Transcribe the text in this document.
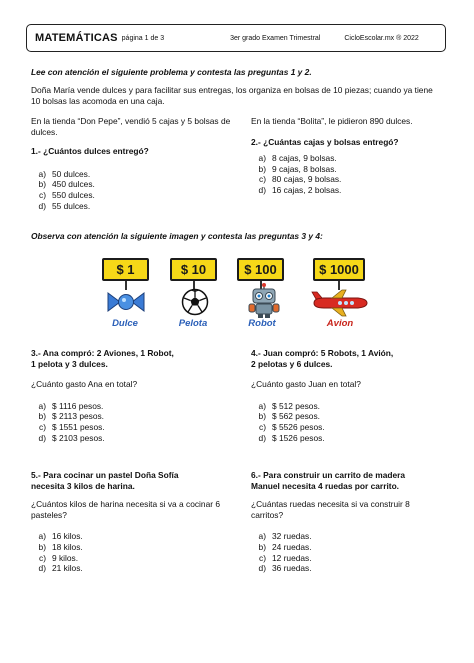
MATEMÁTICAS página 1 de 3	3er grado Examen Trimestral	CicloEscolar.mx ® 2022
Lee con atención el siguiente problema y contesta las preguntas 1 y 2.
Doña María vende dulces y para facilitar sus entregas, los organiza en bolsas de 10 piezas; cuando ya tiene 10 bolsas las acomoda en una caja.
En la tienda “Don Pepe”, vendió 5 cajas y 5 bolsas de dulces.
1.- ¿Cuántos dulces entregó?
a) 50 dulces.
b) 450 dulces.
c) 550 dulces.
d) 55 dulces.
En la tienda “Bolita”, le pidieron 890 dulces.
2.- ¿Cuántas cajas y bolsas entregó?
a) 8 cajas, 9 bolsas.
b) 9 cajas, 8 bolsas.
c) 80 cajas, 9 bolsas.
d) 16 cajas, 2 bolsas.
Observa con atención la siguiente imagen y contesta las preguntas 3 y 4:
$ 1	$ 10	$ 100	$ 1000
Dulce	Pelota	Robot	Avion
3.- Ana compró: 2 Aviones, 1 Robot,
1 pelota y 3 dulces.
¿Cuánto gasto Ana en total?
a) $ 1116 pesos.
b) $ 2113 pesos.
c) $ 1551 pesos.
d) $ 2103 pesos.
4.- Juan compró: 5 Robots, 1 Avión,
2 pelotas y 6 dulces.
¿Cuánto gasto Juan en total?
a) $ 512 pesos.
b) $ 562 pesos.
c) $ 5526 pesos.
d) $ 1526 pesos.
5.- Para cocinar un pastel Doña Sofía
necesita 3 kilos de harina.
¿Cuántos kilos de harina necesita si va a cocinar 6 pasteles?
a) 16 kilos.
b) 18 kilos.
c) 9 kilos.
d) 21 kilos.
6.- Para construir un carrito de madera
Manuel necesita 4 ruedas por carrito.
¿Cuántas ruedas necesita si va construir 8 carritos?
a) 32 ruedas.
b) 24 ruedas.
c) 12 ruedas.
d) 36 ruedas.
